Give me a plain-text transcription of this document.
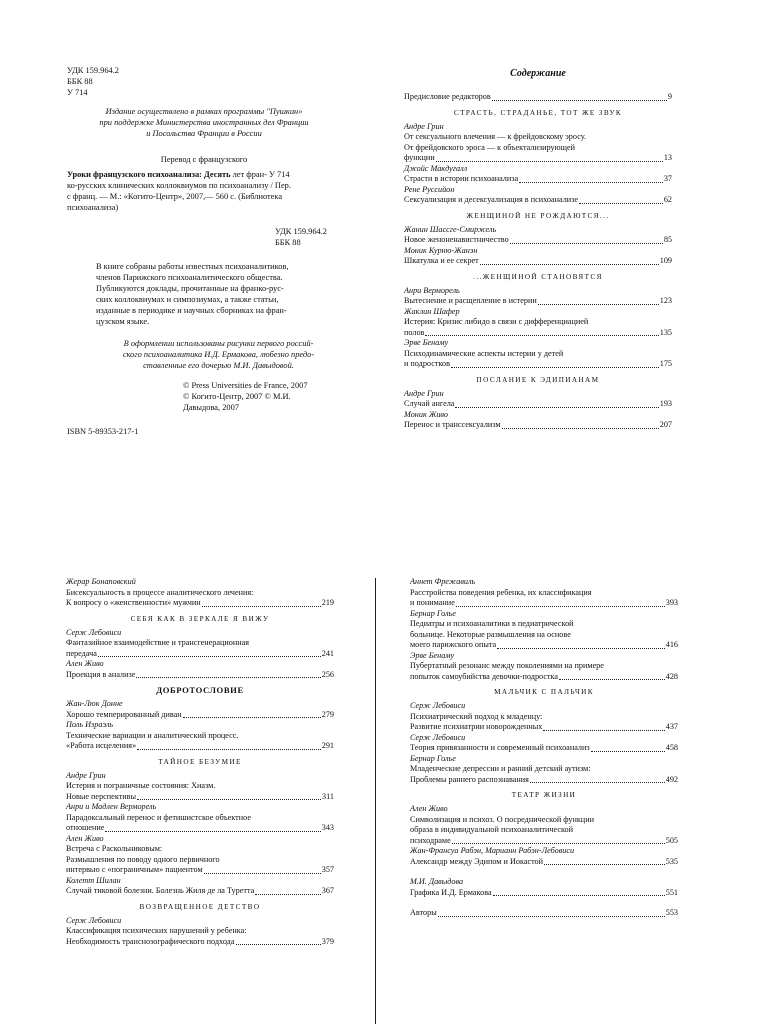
УДК 159.964.2
ББК 88
У 714
Издание осуществлено в рамках программы "Пушкин»
при поддержке Министерства иностранных дел Франции
и Посольства Франции в России
Перевод с французского
Уроки французского психоанализа: Десять лет фран- У 714
ко-русских клинических коллоквиумов по психоанализу / Пер.
с франц. — М.: «Когито-Центр», 2007,— 560 с. (Библиотека
психоанализа)
УДК 159.964.2
ББК 88
В книге собраны работы известных психоаналитиков,
членов Парижского психоаналитического общества.
Публикуются доклады, прочитанные на франко-рус-
ских коллоквиумах и симпозиумах, а также статьи,
изданные в периодике и научных сборниках на фран-
цузском языке.
В оформлении использованы рисунки первого россий-
ского психоаналитика И.Д. Ермакова, любезно предо-
ставленные его дочерью М.И. Давыдовой.
© Press Universities de France, 2007
© Когито-Центр, 2007 © М.И.
Давыдова, 2007
ISBN 5-89353-217-1
Содержание
Предисловие редакторов	9
СТРАСТЬ, СТРАДАНЬЕ, ТОТ ЖЕ ЗВУК
Андре Грин
От сексуального влечения — к фрейдовскому эросу.
От фрейдовского эроса — к объектализирующей
функции	13
Джойс Макдугалл
Страсти в истории психоанализа	37
Рене Руссийон
Сексуализация и десексуализация в психоанализе	62
ЖЕНЩИНОЙ НЕ РОЖДАЮТСЯ...
Жанин Шассге-Смиржель
Новое женоненавистничество	85
Моник Курню-Жанэн
Шкатулка и ее секрет	109
...ЖЕНЩИНОЙ СТАНОВЯТСЯ
Анри Верморель
Вытеснение и расщепление в истерии	123
Жаклин Шафер
Истерия: Кризис либидо в связи с дифференциацией
полов	135
Эрве Бенаму
Психодинамические аспекты истерии у детей
и подростков	175
ПОСЛАНИЕ К ЭДИПИАНАМ
Андре Грин
Случай ангела	193
Моник Живо
Перенос и транссексуализм	207
Жерар Бонаповский
Бисексуальность в процессе аналитического лечения:
К вопросу о «женственности» мужчин	219
СЕБЯ КАК В ЗЕРКАЛЕ Я ВИЖУ
Серж Лебовиси
Фантазийное взаимодействие и трансгенерационная
передача	241
Ален Живо
Проекция в анализе	256
ДОБРОТОСЛОВИЕ
Жан-Люк Донне
Хорошо темперированный диван	279
Поль Израэль
Технические вариации и аналитический процесс.
«Работа исцеления»	291
ТАЙНОЕ БЕЗУМИЕ
Андре Грин
Истерия и пограничные состояния: Хиазм.
Новые перспективы	311
Анри и Мадлен Верморель
Парадоксальный перенос и фетишистское объектное
отношение	343
Ален Живо
Встреча с Раскольниковым:
Размышления по поводу одного первичного
интервью с «пограничным» пациентом	357
Колетт Шилан
Случай тиковой болезни. Болезнь Жиля де ла Туретта	367
ВОЗВРАЩЕННОЕ ДЕТСТВО
Серж Лебовиси
Классификация психических нарушений у ребенка:
Необходимость транснозографического подхода	379
Аннет Фрежавиль
Расстройства поведения ребенка, их классификация
и понимание	393
Бернар Голье
Педиатры и психоаналитики в педиатрической
больнице. Некоторые размышления на основе
моего парижского опыта	416
Эрве Бенаму
Пубертатный резонанс между поколениями на примере
попыток самоубийства девочки-подростка	428
МАЛЬЧИК С ПАЛЬЧИК
Серж Лебовиси
Психиатрический подход к младенцу:
Развитие психиатрии новорожденных	437
Серж Лебовиси
Теория привязанности и современный психоанализ	458
Бернар Голье
Младенческие депрессии и ранний детский аутизм:
Проблемы раннего распознавания	492
ТЕАТР ЖИЗНИ
Ален Живо
Символизация и психоз. О посреднической функции
образа в индивидуальной психоаналитической
психодраме	505
Жан-Франсуа Рабэн, Марианн Рабэн-Лебовиси
Александр между Эдипом и Иокастой	535
М.И. Давыдова
Графика И.Д. Ермакова	551
Авторы	553
